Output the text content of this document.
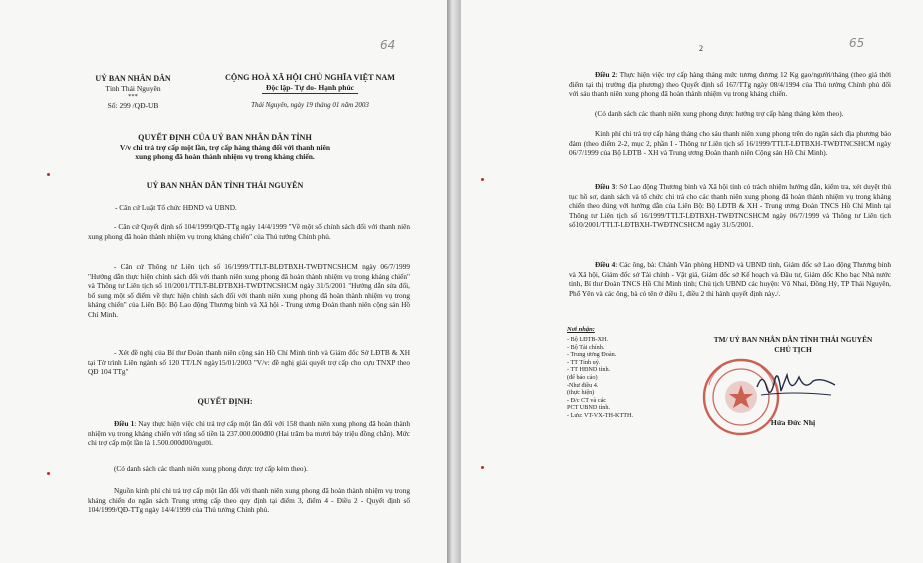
64
UỶ BAN NHÂN DÂN
Tỉnh Thái Nguyên
***
Số: 299 /QĐ-UB
CỘNG HOÀ XÃ HỘI CHỦ NGHĨA VIỆT NAM
Độc lập- Tự do- Hạnh phúc
Thái Nguyên, ngày 19 tháng 01 năm 2003
QUYẾT ĐỊNH CỦA UỶ BAN NHÂN DÂN TỈNH
V/v chi trả trợ cấp một lần, trợ cấp hàng tháng đối với thanh niên
xung phong đã hoàn thành nhiệm vụ trong kháng chiến.
UỶ BAN NHÂN DÂN TỈNH THÁI NGUYÊN
- Căn cứ Luật Tổ chức HĐND và UBND.
- Căn cứ Quyết định số 104/1999/QĐ-TTg ngày 14/4/1999 "Về một số chính sách đối với thanh niên xung phong đã hoàn thành nhiệm vụ trong kháng chiến" của Thủ tướng Chính phủ.
- Căn cứ Thông tư Liên tịch số 16/1999/TTLT-BLĐTBXH-TWĐTNCSHCM ngày 06/7/1999 "Hướng dẫn thực hiện chính sách đối với thanh niên xung phong đã hoàn thành nhiệm vụ trong kháng chiến" và Thông tư Liên tịch số 10/2001/TTLT-BLĐTBXH-TWĐTNCSHCM ngày 31/5/2001 "Hướng dẫn sửa đổi, bổ sung một số điểm về thực hiện chính sách đối với thanh niên xung phong đã hoàn thành nhiệm vụ trong kháng chiến" của Liên Bộ: Bộ Lao động Thương binh và Xã hội - Trung ương Đoàn thanh niên cộng sản Hồ Chí Minh.
- Xét đề nghị của Bí thư Đoàn thanh niên cộng sản Hồ Chí Minh tỉnh và Giám đốc Sở LĐTB & XH tại Tờ trình Liên ngành số 120 TT/LN ngày15/01/2003 "V/v: đề nghị giải quyết trợ cấp cho cựu TNXP theo QĐ 104 TTg"
QUYẾT ĐỊNH:
Điều 1: Nay thực hiện việc chi trả trợ cấp một lần đối với 158 thanh niên xung phong đã hoàn thành nhiệm vụ trong kháng chiến với tổng số tiền là 237.000.000đ00 (Hai trăm ba mươi bảy triệu đồng chẵn). Mức chi trợ cấp một lần là 1.500.000đ00/người.
(Có danh sách các thanh niên xung phong được trợ cấp kèm theo).
Nguồn kinh phí chi trả trợ cấp một lần đối với thanh niên xung phong đã hoàn thành nhiệm vụ trong kháng chiến do ngân sách Trung ương cấp theo quy định tại điểm 3, điểm 4 - Điều 2 - Quyết định số 104/1999/QĐ-TTg ngày 14/4/1999 của Thủ tướng Chính phủ.
2	65
Điều 2: Thực hiện việc trợ cấp hàng tháng mức tương đương 12 Kg gạo/người/tháng (theo giá thời điểm tại thị trường địa phương) theo Quyết định số 167/TTg ngày 08/4/1994 của Thủ tướng Chính phủ đối với sáu thanh niên xung phong đã hoàn thành nhiệm vụ trong kháng chiến.
(Có danh sách các thanh niên xung phong được hưởng trợ cấp hàng tháng kèm theo).
Kinh phí chi trả trợ cấp hàng tháng cho sáu thanh niên xung phong trên do ngân sách địa phương bảo đảm (theo điểm 2-2, mục 2, phần I - Thông tư Liên tịch số 16/1999/TTLT-LĐTBXH-TWĐTNCSHCM ngày 06/7/1999 của Bộ LĐTB - XH và Trung ương Đoàn thanh niên Cộng sản Hồ Chí Minh).
Điều 3: Sở Lao động Thương binh và Xã hội tỉnh có trách nhiệm hướng dẫn, kiểm tra, xét duyệt thủ tục hồ sơ, danh sách và tổ chức chi trả cho các thanh niên xung phong đã hoàn thành nhiệm vụ trong kháng chiến theo đúng với hướng dẫn của Liên Bộ: Bộ LĐTB & XH - Trung ương Đoàn TNCS Hồ Chí Minh tại Thông tư Liên tịch số 16/1999/TTLT-LĐTBXH-TWĐTNCSHCM ngày 06/7/1999 và Thông tư Liên tịch số10/2001/TTLT-LĐTBXH-TWĐTNCSHCM ngày 31/5/2001.
Điều 4: Các ông, bà: Chánh Văn phòng HĐND và UBND tỉnh, Giám đốc sở Lao động Thương binh và Xã hội, Giám đốc sở Tài chính - Vật giá, Giám đốc sở Kế hoạch và Đầu tư, Giám đốc Kho bạc Nhà nước tỉnh, Bí thư Đoàn TNCS Hồ Chí Minh tỉnh; Chủ tịch UBND các huyện: Võ Nhai, Đồng Hỷ, TP Thái Nguyên, Phổ Yên và các ông, bà có tên ở điều 1, điều 2 thi hành quyết định này./.
Nơi nhận:
- Bộ LĐTB-XH.
- Bộ Tài chính.
- Trung ương Đoàn.
- TT Tỉnh uỷ.
- TT HĐND tỉnh.
(để báo cáo)
-Như điều 4.
(thực hiện)
- Đ/c CT và các
PCT UBND tỉnh.
- Lưu: VT-VX-TH-KTTH.
TM/ UỶ BAN NHÂN DÂN TỈNH THÁI NGUYÊN
CHỦ TỊCH
Hứa Đức Nhị
